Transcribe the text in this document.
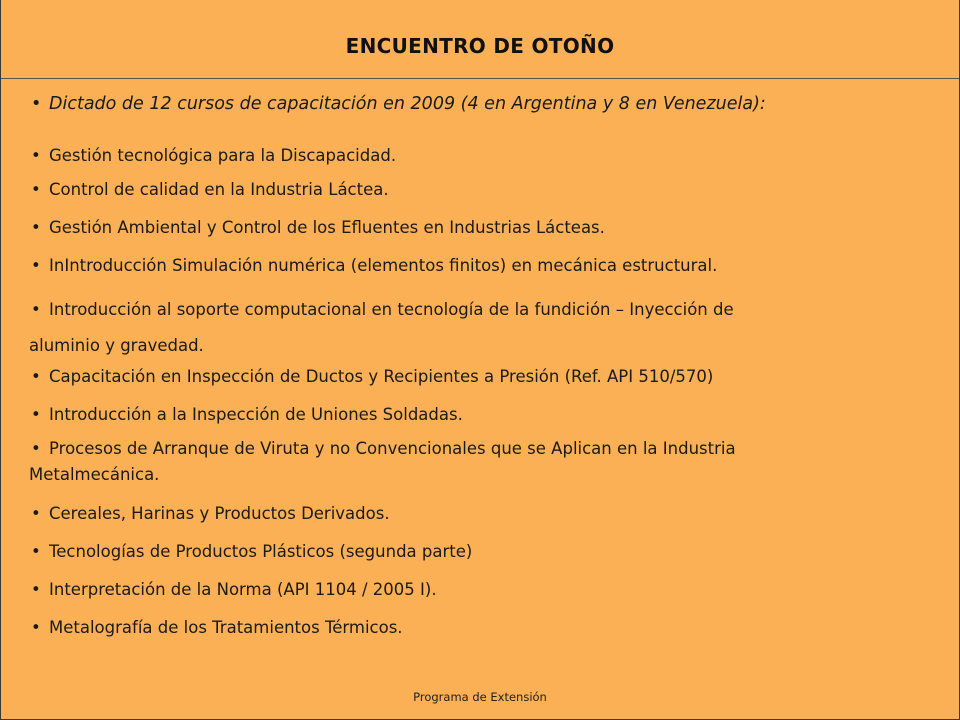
ENCUENTRO DE OTOÑO
• Dictado de 12 cursos de capacitación en 2009 (4 en Argentina y 8 en Venezuela):
• Gestión tecnológica para la Discapacidad.
• Control de calidad en la Industria Láctea.
• Gestión Ambiental y Control de los Efluentes en Industrias Lácteas.
• InIntroducción Simulación numérica (elementos finitos) en mecánica estructural.
• Introducción al soporte computacional en tecnología de la fundición – Inyección de
aluminio y gravedad.
• Capacitación en Inspección de Ductos y Recipientes a Presión (Ref. API 510/570)
• Introducción a la Inspección de Uniones Soldadas.
• Procesos de Arranque de Viruta y no Convencionales que se Aplican en la Industria
Metalmecánica.
• Cereales, Harinas y Productos Derivados.
• Tecnologías de Productos Plásticos (segunda parte)
• Interpretación de la Norma (API 1104 / 2005 I).
• Metalografía de los Tratamientos Térmicos.
Programa de Extensión
